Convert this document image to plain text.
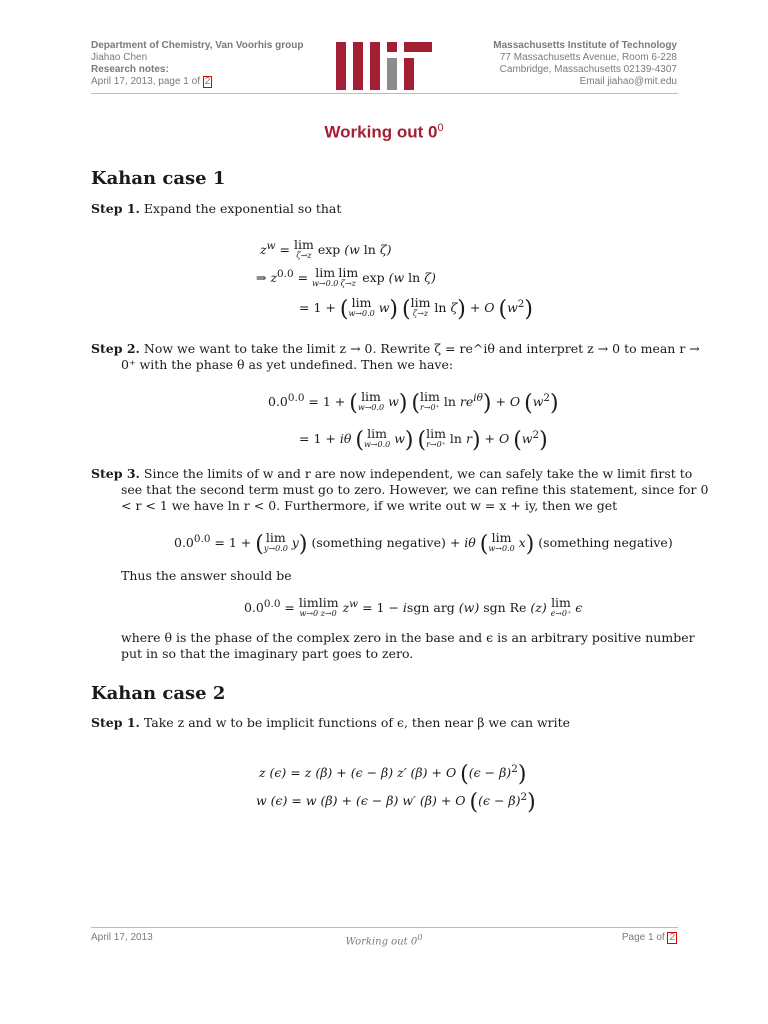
Department of Chemistry, Van Voorhis group
Jiahao Chen
Research notes:
April 17, 2013, page 1 of 2
Massachusetts Institute of Technology
77 Massachusetts Avenue, Room 6-228
Cambridge, Massachusetts 02139-4307
Email jiahao@mit.edu
Working out $0^0$
Kahan case 1
Step 1. Expand the exponential so that
$z^w = \lim$
ζ→z exp (w ln ζ)
⇒ $z^{0.0} = \lim$
w→0.0
lim
ζ→z exp (w ln ζ)
= 1 + ( lim
w→0.0 w) (lim
ζ→z ln ζ) + O $(w^2)$
Step 2. Now we want to take the limit z → 0. Rewrite ζ = re^iθ and interpret z → 0 to mean r → 0⁺ with the phase θ as yet undefined. Then we have:
$0.0^{0.0} = 1$ + ( lim
w→0.0 w) (lim
r→0⁺ $\ln re^{i\theta}) + O$ $(w^2)$
= 1 + iθ ( lim
w→0.0 w) (lim
r→0⁺ ln r) + O $(w^2)$
Step 3. Since the limits of w and r are now independent, we can safely take the w limit first to see that the second term must go to zero. However, we can refine this statement, since for 0 < r < 1 we have ln r < 0. Furthermore, if we write out w = x + iy, then we get
$0.0^{0.0} = 1$ + ( lim
y→0.0 y) (something negative) + iθ ( lim
w→0.0 x) (something negative)
Thus the answer should be
$0.0^{0.0} = \lim$
w→0
lim
z→0 $z^w = 1$ − isgn arg (w) sgn Re (z) lim
ϵ→0⁺ ϵ
where θ is the phase of the complex zero in the base and ϵ is an arbitrary positive number put in so that the imaginary part goes to zero.
Kahan case 2
Step 1. Take z and w to be implicit functions of ϵ, then near β we can write
z (ϵ) = z (β) + (ϵ − β) z′ (β) + O $((\epsilon - \beta)^2)$
w (ϵ) = w (β) + (ϵ − β) w′ (β) + O $((\epsilon - \beta)^2)$
April 17, 2013	Working out $0^0$	Page 1 of 2
